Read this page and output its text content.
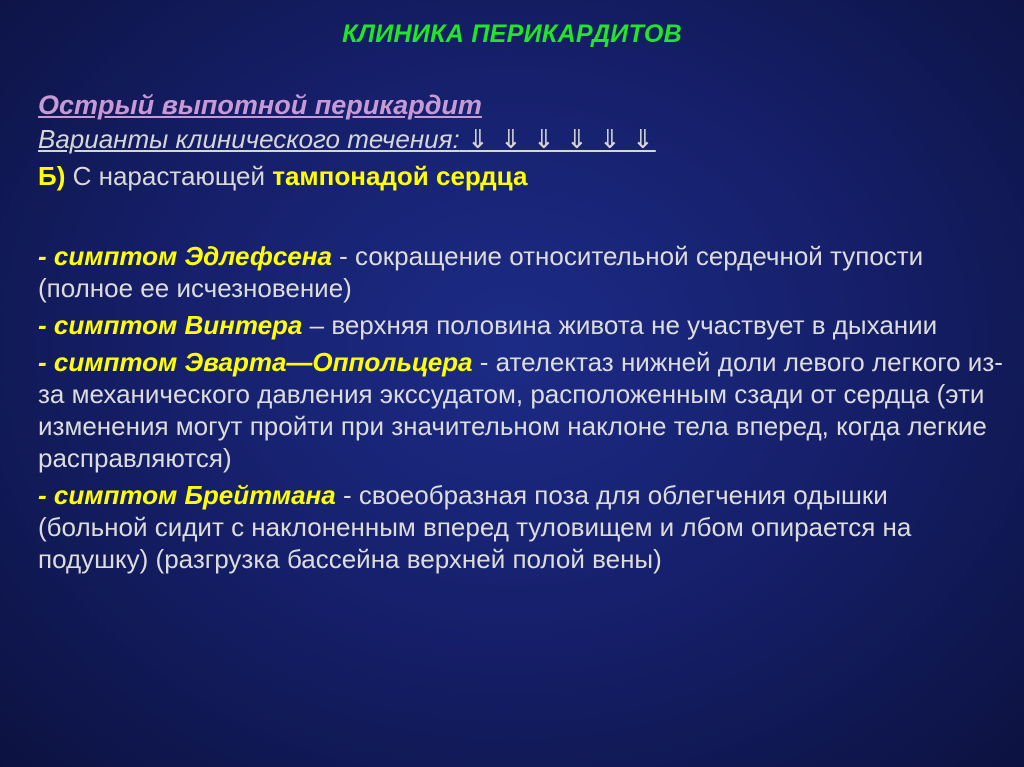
КЛИНИКА ПЕРИКАРДИТОВ

Острый выпотной перикардит

Варианты клинического течения: ⇓ ⇓ ⇓ ⇓ ⇓ ⇓

Б) С нарастающей тампонадой сердца

- симптом Эдлефсена - сокращение относительной сердечной тупости (полное ее исчезновение)

- симптом Винтера – верхняя половина живота не участвует в дыхании

- симптом Эварта—Оппольцера - ателектаз нижней доли левого легкого из-за механического давления экссудатом, расположенным сзади от сердца (эти изменения могут пройти при значительном наклоне тела вперед, когда легкие расправляются)

- симптом Брейтмана - своеобразная поза для облегчения одышки (больной сидит с наклоненным вперед туловищем и лбом опирается на подушку) (разгрузка бассейна верхней полой вены)
